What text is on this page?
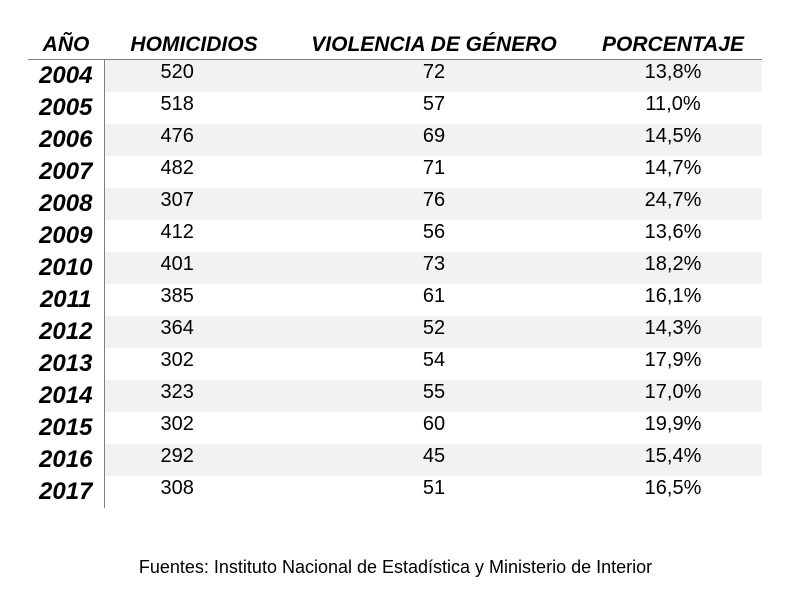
AÑO	HOMICIDIOS	VIOLENCIA DE GÉNERO	PORCENTAJE
2004	520	72	13,8%
2005	518	57	11,0%
2006	476	69	14,5%
2007	482	71	14,7%
2008	307	76	24,7%
2009	412	56	13,6%
2010	401	73	18,2%
2011	385	61	16,1%
2012	364	52	14,3%
2013	302	54	17,9%
2014	323	55	17,0%
2015	302	60	19,9%
2016	292	45	15,4%
2017	308	51	16,5%
Fuentes: Instituto Nacional de Estadística y Ministerio de Interior
